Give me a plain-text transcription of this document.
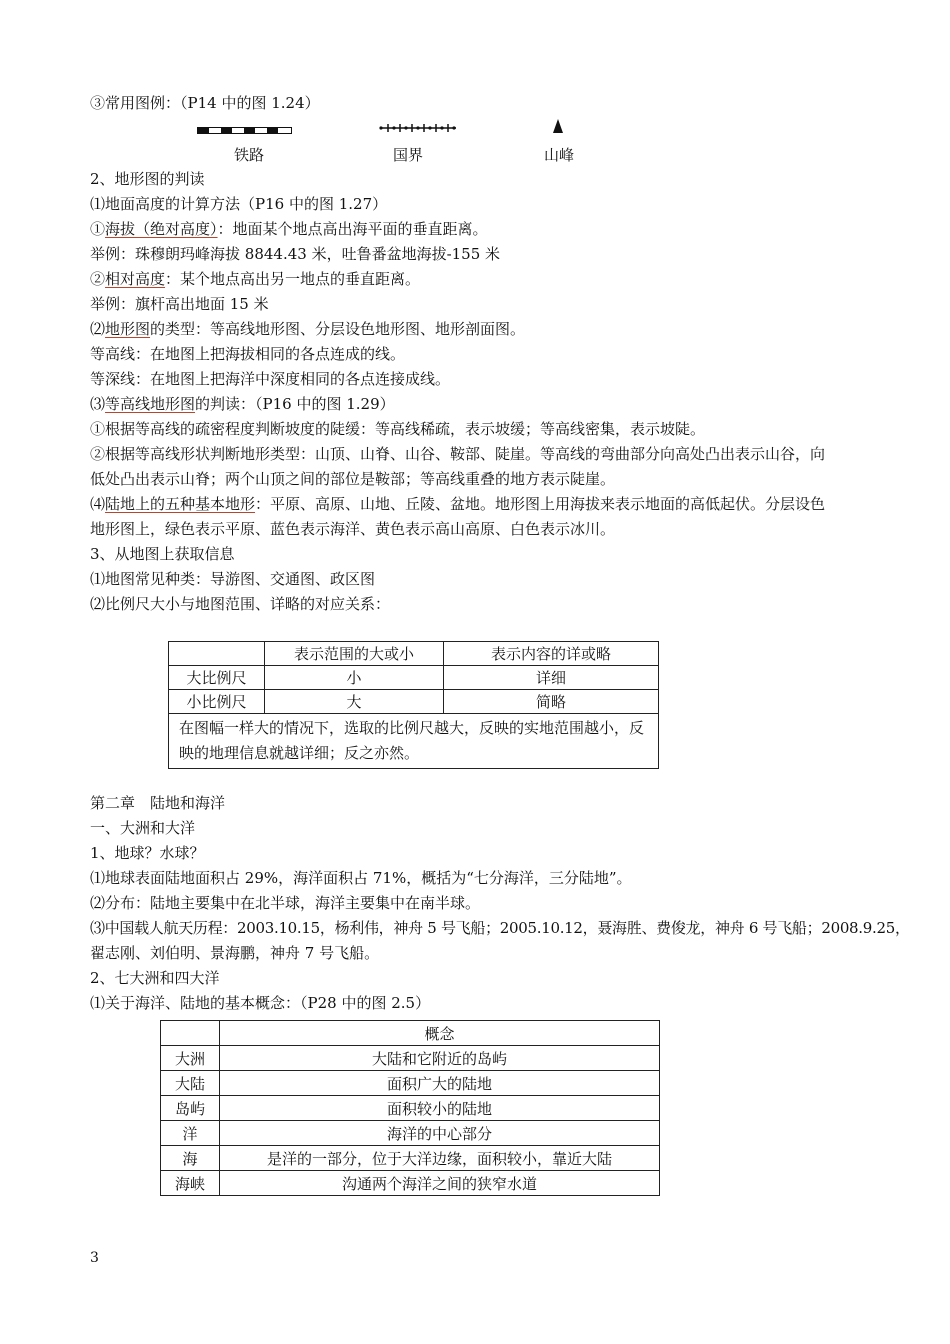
③常用图例：（P14 中的图 1.24）
铁路	国界	山峰
2、地形图的判读
⑴地面高度的计算方法（P16 中的图 1.27）
①海拔（绝对高度）：地面某个地点高出海平面的垂直距离。
举例：珠穆朗玛峰海拔 8844.43 米，吐鲁番盆地海拔-155 米
②相对高度：某个地点高出另一地点的垂直距离。
举例：旗杆高出地面 15 米
⑵地形图的类型：等高线地形图、分层设色地形图、地形剖面图。
等高线：在地图上把海拔相同的各点连成的线。
等深线：在地图上把海洋中深度相同的各点连接成线。
⑶等高线地形图的判读：（P16 中的图 1.29）
①根据等高线的疏密程度判断坡度的陡缓：等高线稀疏，表示坡缓；等高线密集，表示坡陡。
②根据等高线形状判断地形类型：山顶、山脊、山谷、鞍部、陡崖。等高线的弯曲部分向高处凸出表示山谷，向
低处凸出表示山脊；两个山顶之间的部位是鞍部；等高线重叠的地方表示陡崖。
⑷陆地上的五种基本地形：平原、高原、山地、丘陵、盆地。地形图上用海拔来表示地面的高低起伏。分层设色
地形图上，绿色表示平原、蓝色表示海洋、黄色表示高山高原、白色表示冰川。
3、从地图上获取信息
⑴地图常见种类：导游图、交通图、政区图
⑵比例尺大小与地图范围、详略的对应关系：
	表示范围的大或小	表示内容的详或略
大比例尺	小	详细
小比例尺	大	简略
在图幅一样大的情况下，选取的比例尺越大，反映的实地范围越小，反映的地理信息就越详细；反之亦然。		
第二章　陆地和海洋
一、大洲和大洋
1、地球？水球？
⑴地球表面陆地面积占 29%，海洋面积占 71%，概括为“七分海洋，三分陆地”。
⑵分布：陆地主要集中在北半球，海洋主要集中在南半球。
⑶中国载人航天历程：2003.10.15，杨利伟，神舟 5 号飞船；2005.10.12，聂海胜、费俊龙，神舟 6 号飞船；2008.9.25，
翟志刚、刘伯明、景海鹏，神舟 7 号飞船。
2、七大洲和四大洋
⑴关于海洋、陆地的基本概念：（P28 中的图 2.5）
	概念
大洲	大陆和它附近的岛屿
大陆	面积广大的陆地
岛屿	面积较小的陆地
洋	海洋的中心部分
海	是洋的一部分，位于大洋边缘，面积较小，靠近大陆
海峡	沟通两个海洋之间的狭窄水道
3
